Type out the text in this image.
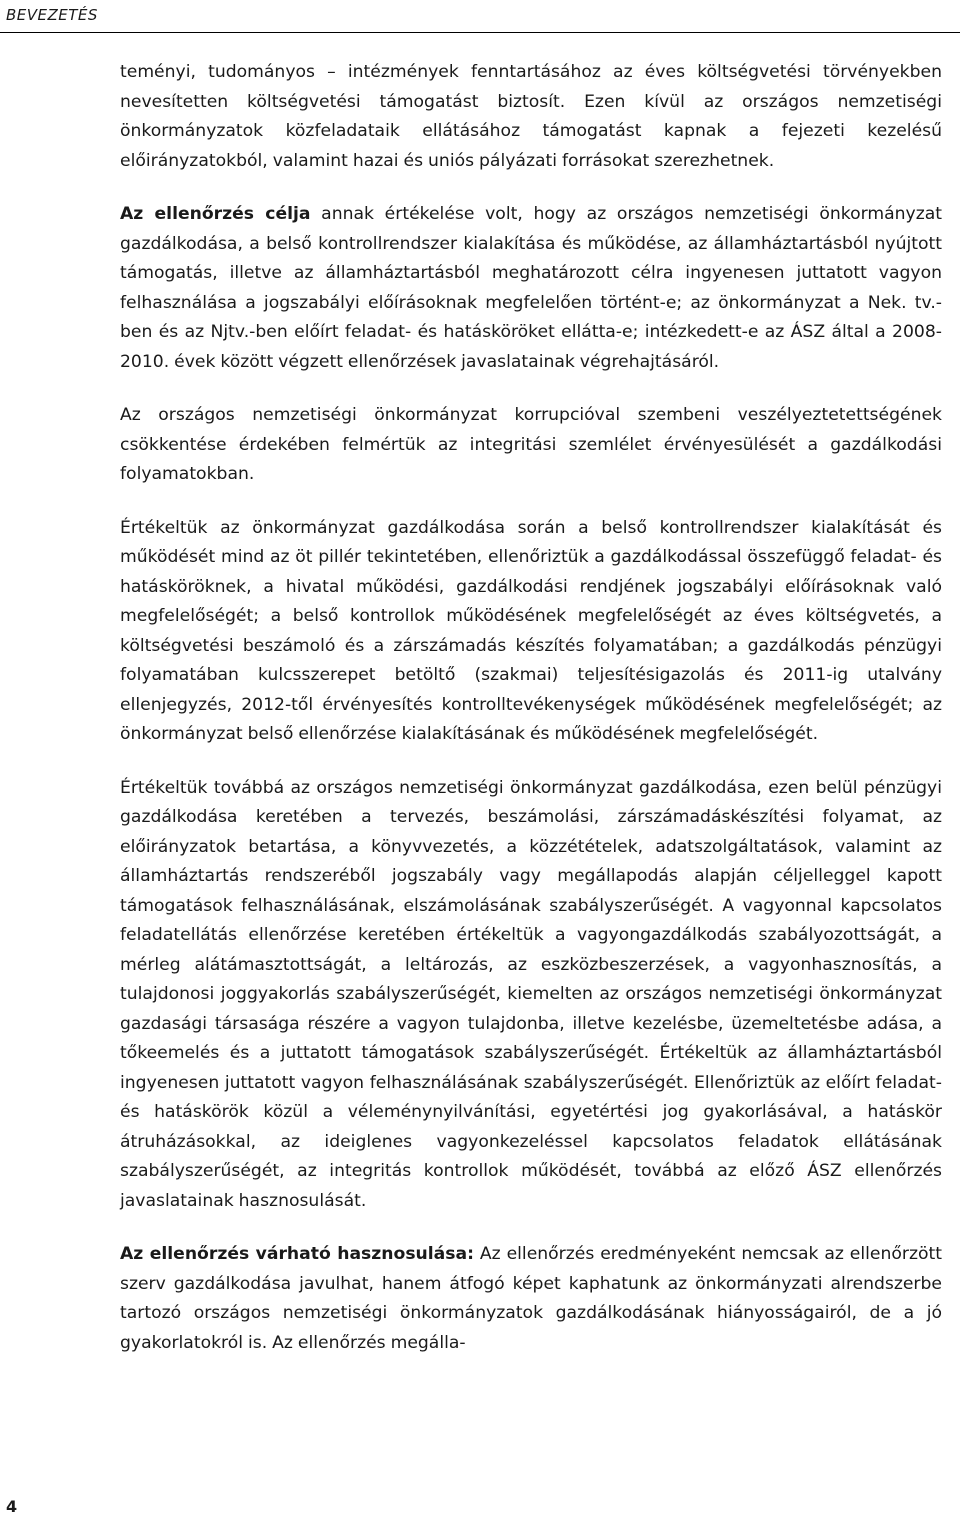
BEVEZETÉS

teményi, tudományos – intézmények fenntartásához az éves költségvetési törvényekben nevesítetten költségvetési támogatást biztosít. Ezen kívül az országos nemzetiségi önkormányzatok közfeladataik ellátásához támogatást kapnak a fejezeti kezelésű előirányzatokból, valamint hazai és uniós pályázati forrásokat szerezhetnek.

Az ellenőrzés célja annak értékelése volt, hogy az országos nemzetiségi önkormányzat gazdálkodása, a belső kontrollrendszer kialakítása és működése, az államháztartásból nyújtott támogatás, illetve az államháztartásból meghatározott célra ingyenesen juttatott vagyon felhasználása a jogszabályi előírásoknak megfelelően történt-e; az önkormányzat a Nek. tv.-ben és az Njtv.-ben előírt feladat- és hatásköröket ellátta-e; intézkedett-e az ÁSZ által a 2008-2010. évek között végzett ellenőrzések javaslatainak végrehajtásáról.

Az országos nemzetiségi önkormányzat korrupcióval szembeni veszélyeztetettségének csökkentése érdekében felmértük az integritási szemlélet érvényesülését a gazdálkodási folyamatokban.

Értékeltük az önkormányzat gazdálkodása során a belső kontrollrendszer kialakítását és működését mind az öt pillér tekintetében, ellenőriztük a gazdálkodással összefüggő feladat- és hatásköröknek, a hivatal működési, gazdálkodási rendjének jogszabályi előírásoknak való megfelelőségét; a belső kontrollok működésének megfelelőségét az éves költségvetés, a költségvetési beszámoló és a zárszámadás készítés folyamatában; a gazdálkodás pénzügyi folyamatában kulcsszerepet betöltő (szakmai) teljesítésigazolás és 2011-ig utalvány ellenjegyzés, 2012-től érvényesítés kontrolltevékenységek működésének megfelelőségét; az önkormányzat belső ellenőrzése kialakításának és működésének megfelelőségét.

Értékeltük továbbá az országos nemzetiségi önkormányzat gazdálkodása, ezen belül pénzügyi gazdálkodása keretében a tervezés, beszámolási, zárszámadáskészítési folyamat, az előirányzatok betartása, a könyvvezetés, a közzétételek, adatszolgáltatások, valamint az államháztartás rendszeréből jogszabály vagy megállapodás alapján céljelleggel kapott támogatások felhasználásának, elszámolásának szabályszerűségét. A vagyonnal kapcsolatos feladatellátás ellenőrzése keretében értékeltük a vagyongazdálkodás szabályozottságát, a mérleg alátámasztottságát, a leltározás, az eszközbeszerzések, a vagyonhasznosítás, a tulajdonosi joggyakorlás szabályszerűségét, kiemelten az országos nemzetiségi önkormányzat gazdasági társasága részére a vagyon tulajdonba, illetve kezelésbe, üzemeltetésbe adása, a tőkeemelés és a juttatott támogatások szabályszerűségét. Értékeltük az államháztartásból ingyenesen juttatott vagyon felhasználásának szabályszerűségét. Ellenőriztük az előírt feladat- és hatáskörök közül a véleménynyilvánítási, egyetértési jog gyakorlásával, a hatáskör átruházásokkal, az ideiglenes vagyonkezeléssel kapcsolatos feladatok ellátásának szabályszerűségét, az integritás kontrollok működését, továbbá az előző ÁSZ ellenőrzés javaslatainak hasznosulását.

Az ellenőrzés várható hasznosulása: Az ellenőrzés eredményeként nemcsak az ellenőrzött szerv gazdálkodása javulhat, hanem átfogó képet kaphatunk az önkormányzati alrendszerbe tartozó országos nemzetiségi önkormányzatok gazdálkodásának hiányosságairól, de a jó gyakorlatokról is. Az ellenőrzés megálla-

4
